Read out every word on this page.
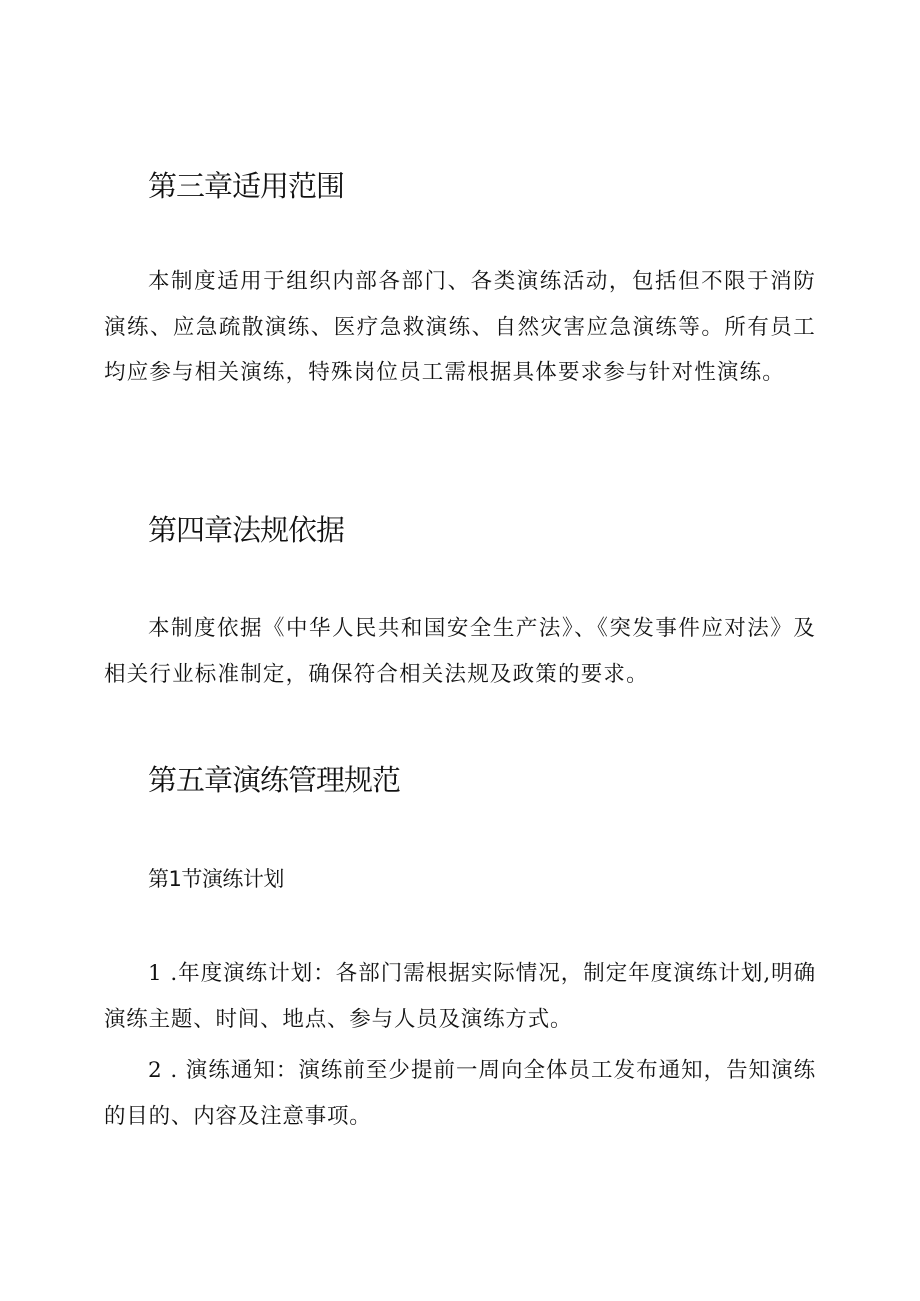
第三章适用范围

本制度适用于组织内部各部门、各类演练活动，包括但不限于消防演练、应急疏散演练、医疗急救演练、自然灾害应急演练等。所有员工均应参与相关演练，特殊岗位员工需根据具体要求参与针对性演练。

第四章法规依据

本制度依据《中华人民共和国安全生产法》、《突发事件应对法》及相关行业标准制定，确保符合相关法规及政策的要求。

第五章演练管理规范
第1节演练计划

1 .年度演练计划：各部门需根据实际情况，制定年度演练计划,明确演练主题、时间、地点、参与人员及演练方式。

2 . 演练通知：演练前至少提前一周向全体员工发布通知，告知演练的目的、内容及注意事项。
